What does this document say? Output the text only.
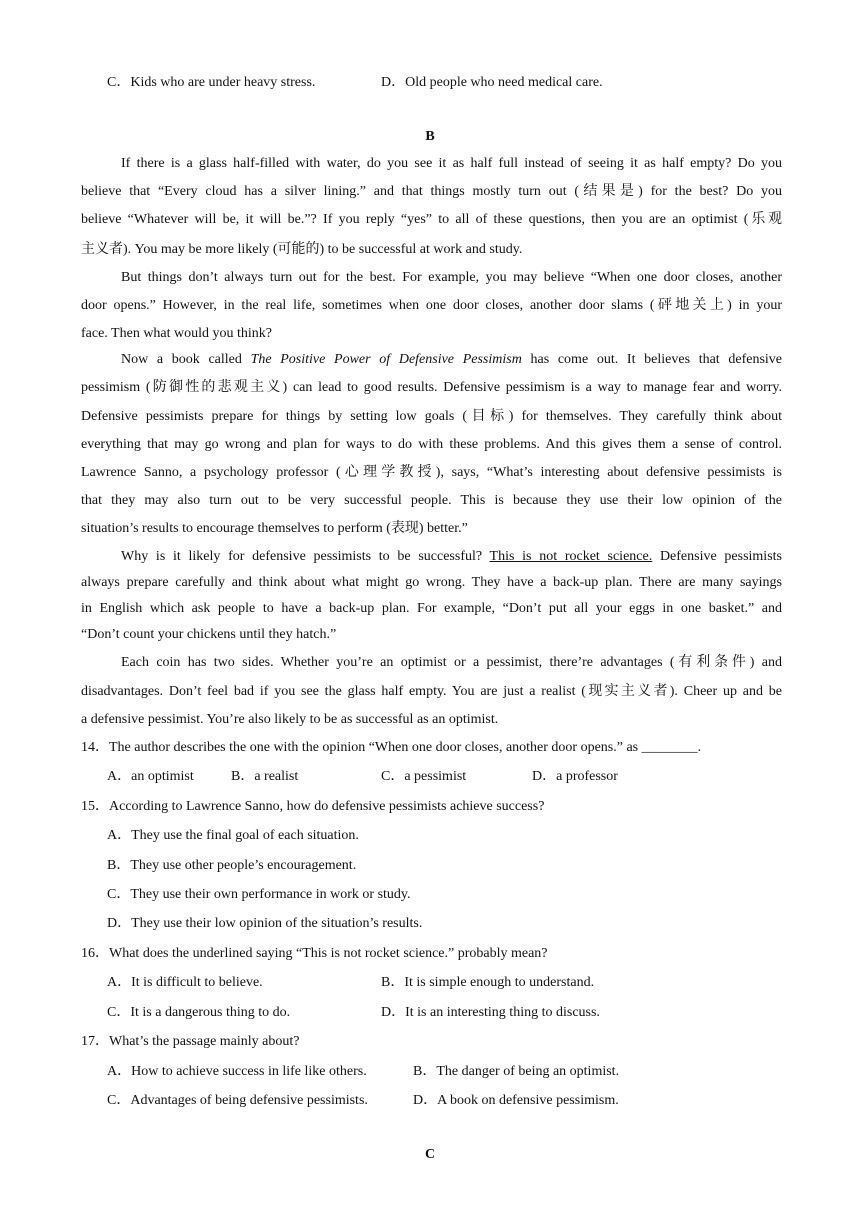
C．Kids who are under heavy stress.	D．Old people who need medical care.
B
If there is a glass half-filled with water, do you see it as half full instead of seeing it as half empty? Do you
believe that “Every cloud has a silver lining.” and that things mostly turn out (结果是) for the best? Do you
believe “Whatever will be, it will be.”? If you reply “yes” to all of these questions, then you are an optimist (乐观
主义者). You may be more likely (可能的) to be successful at work and study.
But things don’t always turn out for the best. For example, you may believe “When one door closes, another
door opens.” However, in the real life, sometimes when one door closes, another door slams (砰地关上) in your
face. Then what would you think?
Now a book called The Positive Power of Defensive Pessimism has come out. It believes that defensive
pessimism (防御性的悲观主义) can lead to good results. Defensive pessimism is a way to manage fear and worry.
Defensive pessimists prepare for things by setting low goals (目标) for themselves. They carefully think about
everything that may go wrong and plan for ways to do with these problems. And this gives them a sense of control.
Lawrence Sanno, a psychology professor (心理学教授), says, “What’s interesting about defensive pessimists is
that they may also turn out to be very successful people. This is because they use their low opinion of the
situation’s results to encourage themselves to perform (表现) better.”
Why is it likely for defensive pessimists to be successful? This is not rocket science. Defensive pessimists
always prepare carefully and think about what might go wrong. They have a back-up plan. There are many sayings
in English which ask people to have a back-up plan. For example, “Don’t put all your eggs in one basket.” and
“Don’t count your chickens until they hatch.”
Each coin has two sides. Whether you’re an optimist or a pessimist, there’re advantages (有利条件) and
disadvantages. Don’t feel bad if you see the glass half empty. You are just a realist (现实主义者). Cheer up and be
a defensive pessimist. You’re also likely to be as successful as an optimist.
14．The author describes the one with the opinion “When one door closes, another door opens.” as ________.
A．an optimist	B．a realist	C．a pessimist	D．a professor
15．According to Lawrence Sanno, how do defensive pessimists achieve success?
A．They use the final goal of each situation.
B．They use other people’s encouragement.
C．They use their own performance in work or study.
D．They use their low opinion of the situation’s results.
16．What does the underlined saying “This is not rocket science.” probably mean?
A．It is difficult to believe.	B．It is simple enough to understand.
C．It is a dangerous thing to do.	D．It is an interesting thing to discuss.
17．What’s the passage mainly about?
A．How to achieve success in life like others.	B．The danger of being an optimist.
C．Advantages of being defensive pessimists.	D．A book on defensive pessimism.
C
